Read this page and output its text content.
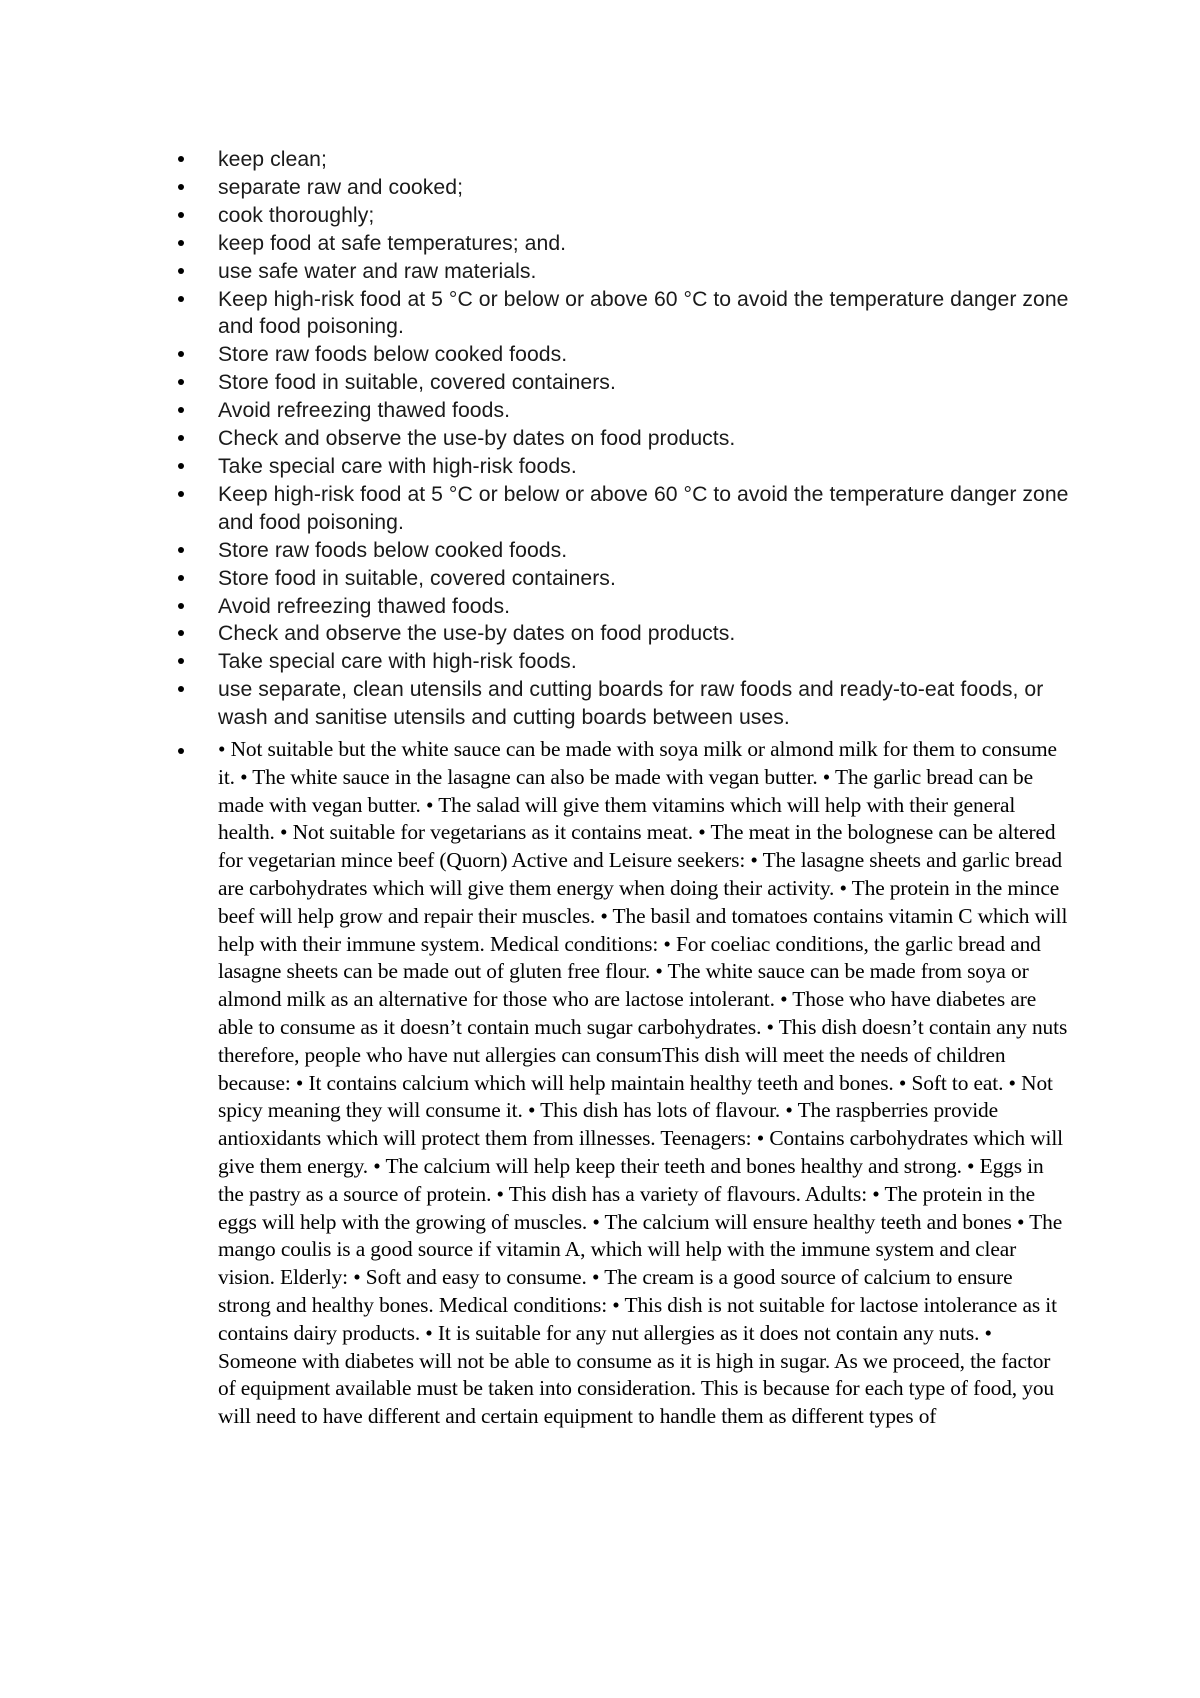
keep clean;
separate raw and cooked;
cook thoroughly;
keep food at safe temperatures; and.
use safe water and raw materials.
Keep high-risk food at 5 °C or below or above 60 °C to avoid the temperature danger zone and food poisoning.
Store raw foods below cooked foods.
Store food in suitable, covered containers.
Avoid refreezing thawed foods.
Check and observe the use-by dates on food products.
Take special care with high-risk foods.
Keep high-risk food at 5 °C or below or above 60 °C to avoid the temperature danger zone and food poisoning.
Store raw foods below cooked foods.
Store food in suitable, covered containers.
Avoid refreezing thawed foods.
Check and observe the use-by dates on food products.
Take special care with high-risk foods.
use separate, clean utensils and cutting boards for raw foods and ready-to-eat foods, or wash and sanitise utensils and cutting boards between uses.
• Not suitable but the white sauce can be made with soya milk or almond milk for them to consume it. • The white sauce in the lasagne can also be made with vegan butter. • The garlic bread can be made with vegan butter. • The salad will give them vitamins which will help with their general health. • Not suitable for vegetarians as it contains meat. • The meat in the bolognese can be altered for vegetarian mince beef (Quorn) Active and Leisure seekers: • The lasagne sheets and garlic bread are carbohydrates which will give them energy when doing their activity. • The protein in the mince beef will help grow and repair their muscles. • The basil and tomatoes contains vitamin C which will help with their immune system. Medical conditions: • For coeliac conditions, the garlic bread and lasagne sheets can be made out of gluten free flour. • The white sauce can be made from soya or almond milk as an alternative for those who are lactose intolerant. • Those who have diabetes are able to consume as it doesn’t contain much sugar carbohydrates. • This dish doesn’t contain any nuts therefore, people who have nut allergies can consumThis dish will meet the needs of children because: • It contains calcium which will help maintain healthy teeth and bones. • Soft to eat. • Not spicy meaning they will consume it. • This dish has lots of flavour. • The raspberries provide antioxidants which will protect them from illnesses. Teenagers: • Contains carbohydrates which will give them energy. • The calcium will help keep their teeth and bones healthy and strong. • Eggs in the pastry as a source of protein. • This dish has a variety of flavours. Adults: • The protein in the eggs will help with the growing of muscles. • The calcium will ensure healthy teeth and bones • The mango coulis is a good source if vitamin A, which will help with the immune system and clear vision. Elderly: • Soft and easy to consume. • The cream is a good source of calcium to ensure strong and healthy bones. Medical conditions: • This dish is not suitable for lactose intolerance as it contains dairy products. • It is suitable for any nut allergies as it does not contain any nuts. • Someone with diabetes will not be able to consume as it is high in sugar. As we proceed, the factor of equipment available must be taken into consideration. This is because for each type of food, you will need to have different and certain equipment to handle them as different types of
